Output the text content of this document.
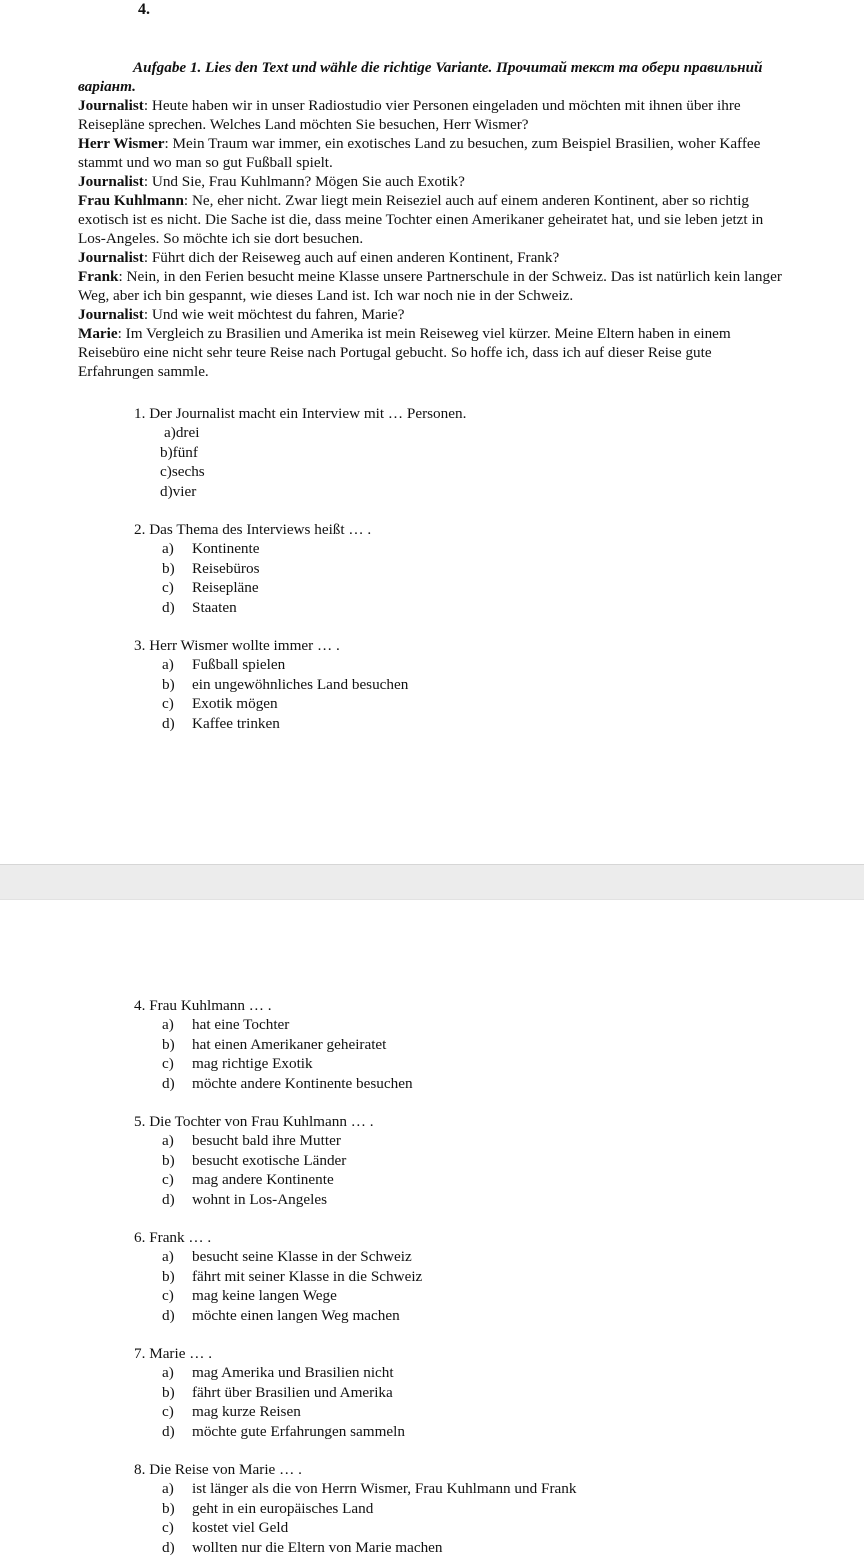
4.
Aufgabe 1. Lies den Text und wähle die richtige Variante. Прочитай текст та обери правильний
варіант.
Journalist: Heute haben wir in unser Radiostudio vier Personen eingeladen und möchten mit ihnen über ihre
Reisepläne sprechen. Welches Land möchten Sie besuchen, Herr Wismer?
Herr Wismer: Mein Traum war immer, ein exotisches Land zu besuchen, zum Beispiel Brasilien, woher Kaffee
stammt und wo man so gut Fußball spielt.
Journalist: Und Sie, Frau Kuhlmann? Mögen Sie auch Exotik?
Frau Kuhlmann: Ne, eher nicht. Zwar liegt mein Reiseziel auch auf einem anderen Kontinent, aber so richtig
exotisch ist es nicht. Die Sache ist die, dass meine Tochter einen Amerikaner geheiratet hat, und sie leben jetzt in
Los-Angeles. So möchte ich sie dort besuchen.
Journalist: Führt dich der Reiseweg auch auf einen anderen Kontinent, Frank?
Frank: Nein, in den Ferien besucht meine Klasse unsere Partnerschule in der Schweiz. Das ist natürlich kein langer
Weg, aber ich bin gespannt, wie dieses Land ist. Ich war noch nie in der Schweiz.
Journalist: Und wie weit möchtest du fahren, Marie?
Marie: Im Vergleich zu Brasilien und Amerika ist mein Reiseweg viel kürzer. Meine Eltern haben in einem
Reisebüro eine nicht sehr teure Reise nach Portugal gebucht. So hoffe ich, dass ich auf dieser Reise gute
Erfahrungen sammle.
1. Der Journalist macht ein Interview mit … Personen.
a)drei
b)fünf
c)sechs
d)vier
2. Das Thema des Interviews heißt … .
a) Kontinente
b) Reisebüros
c) Reisepläne
d) Staaten
3. Herr Wismer wollte immer … .
a) Fußball spielen
b) ein ungewöhnliches Land besuchen
c) Exotik mögen
d) Kaffee trinken
4. Frau Kuhlmann … .
a) hat eine Tochter
b) hat einen Amerikaner geheiratet
c) mag richtige Exotik
d) möchte andere Kontinente besuchen
5. Die Tochter von Frau Kuhlmann … .
a) besucht bald ihre Mutter
b) besucht exotische Länder
c) mag andere Kontinente
d) wohnt in Los-Angeles
6. Frank … .
a) besucht seine Klasse in der Schweiz
b) fährt mit seiner Klasse in die Schweiz
c) mag keine langen Wege
d) möchte einen langen Weg machen
7. Marie … .
a) mag Amerika und Brasilien nicht
b) fährt über Brasilien und Amerika
c) mag kurze Reisen
d) möchte gute Erfahrungen sammeln
8. Die Reise von Marie … .
a) ist länger als die von Herrn Wismer, Frau Kuhlmann und Frank
b) geht in ein europäisches Land
c) kostet viel Geld
d) wollten nur die Eltern von Marie machen
